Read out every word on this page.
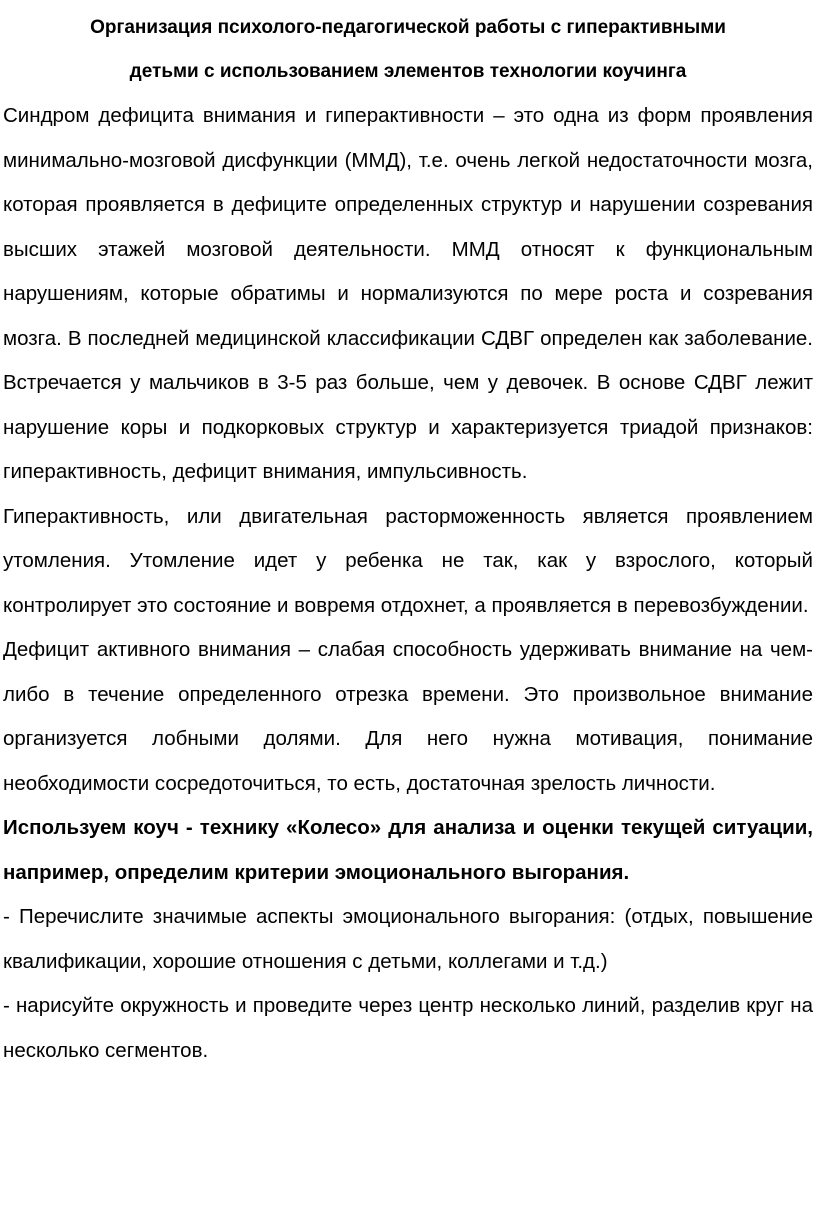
Организация психолого-педагогической работы с гиперактивными
детьми с использованием элементов технологии коучинга

Синдром дефицита внимания и гиперактивности – это одна из форм проявления минимально-мозговой дисфункции (ММД), т.е. очень легкой недостаточности мозга, которая проявляется в дефиците определенных структур и нарушении созревания высших этажей мозговой деятельности. ММД относят к функциональным нарушениям, которые обратимы и нормализуются по мере роста и созревания мозга. В последней медицинской классификации СДВГ определен как заболевание. Встречается у мальчиков в 3-5 раз больше, чем у девочек. В основе СДВГ лежит нарушение коры и подкорковых структур и характеризуется триадой признаков: гиперактивность, дефицит внимания, импульсивность.

Гиперактивность, или двигательная расторможенность является проявлением утомления. Утомление идет у ребенка не так, как у взрослого, который контролирует это состояние и вовремя отдохнет, а проявляется в перевозбуждении.

Дефицит активного внимания – слабая способность удерживать внимание на чем-либо в течение определенного отрезка времени. Это произвольное внимание организуется лобными долями. Для него нужна мотивация, понимание необходимости сосредоточиться, то есть, достаточная зрелость личности.

Используем коуч - технику «Колесо» для анализа и оценки текущей ситуации, например, определим критерии эмоционального выгорания.

- Перечислите значимые аспекты эмоционального выгорания: (отдых, повышение квалификации, хорошие отношения с детьми, коллегами и т.д.)

- нарисуйте окружность и проведите через центр несколько линий, разделив круг на несколько сегментов.
